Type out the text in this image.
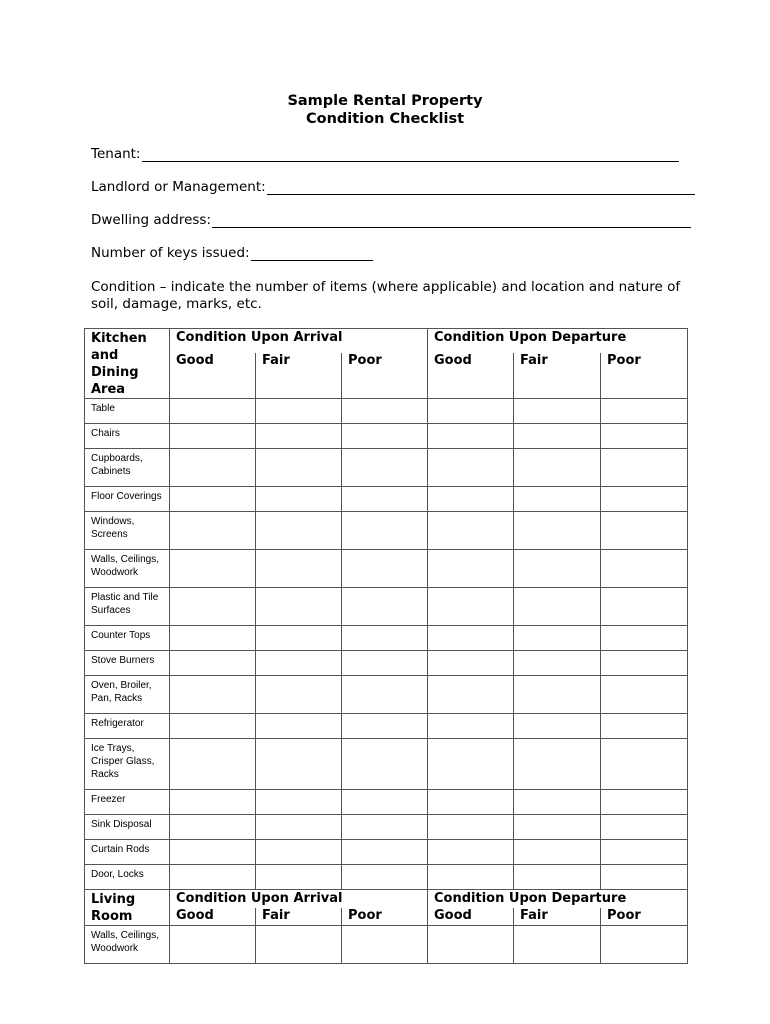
Sample Rental Property
Condition Checklist
Tenant:
Landlord or Management:
Dwelling address:
Number of keys issued:
Condition – indicate the number of items (where applicable) and location and nature of soil, damage, marks, etc.
Kitchen and Dining Area	Condition Upon Arrival			Condition Upon Departure		
	Good	Fair	Poor	Good	Fair	Poor
Table						
Chairs						
Cupboards, Cabinets						
Floor Coverings						
Windows, Screens						
Walls, Ceilings, Woodwork						
Plastic and Tile Surfaces						
Counter Tops						
Stove Burners						
Oven, Broiler, Pan, Racks						
Refrigerator						
Ice Trays, Crisper Glass, Racks						
Freezer						
Sink Disposal						
Curtain Rods						
Door, Locks						
Living Room	Condition Upon Arrival			Condition Upon Departure		
	Good	Fair	Poor	Good	Fair	Poor
Walls, Ceilings, Woodwork						
